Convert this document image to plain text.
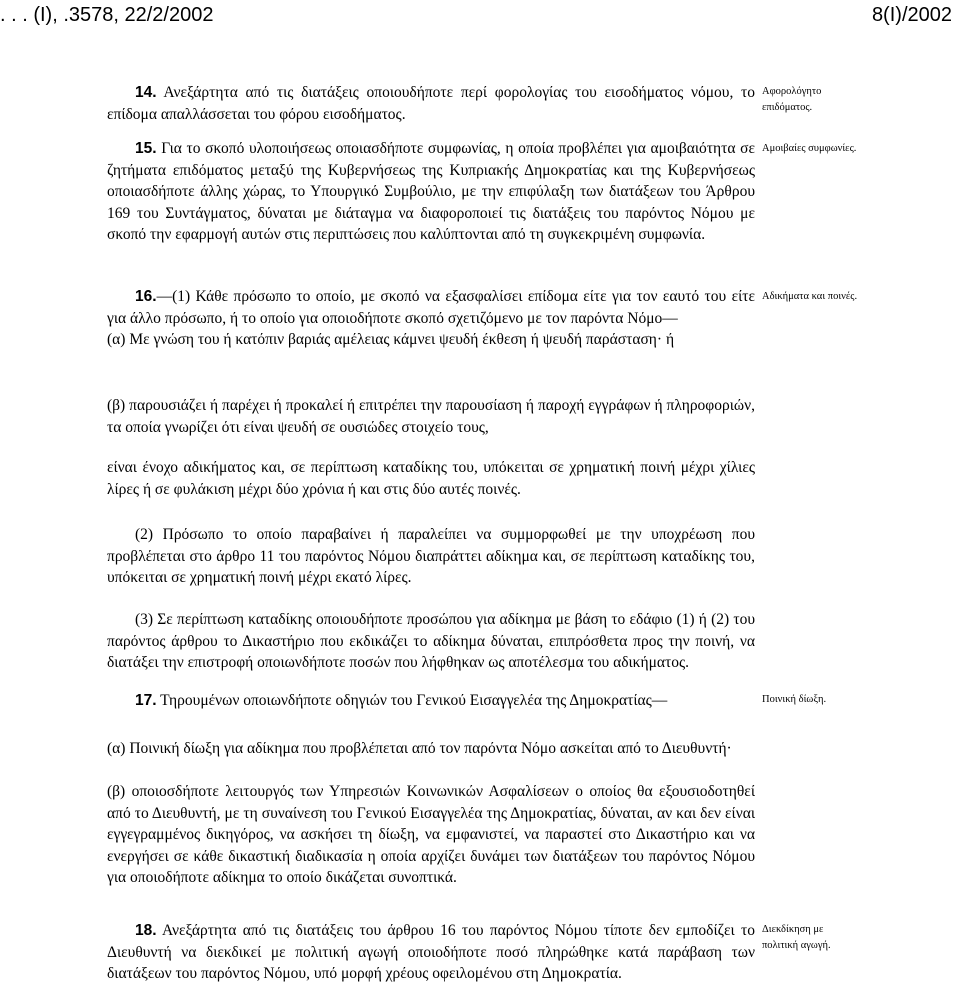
. . . (Ι), .3578, 22/2/2002	8(Ι)/2002

14. Ανεξάρτητα από τις διατάξεις οποιουδήποτε περί φορολογίας του εισοδήματος νόμου, το επίδομα απαλλάσσεται του φόρου εισοδήματος.

Αφορολόγητο επιδόματος.

15. Για το σκοπό υλοποιήσεως οποιασδήποτε συμφωνίας, η οποία προβλέπει για αμοιβαιότητα σε ζητήματα επιδόματος μεταξύ της Κυβερνήσεως της Κυπριακής Δημοκρατίας και της Κυβερνήσεως οποιασδήποτε άλλης χώρας, το Υπουργικό Συμβούλιο, με την επιφύλαξη των διατάξεων του Άρθρου 169 του Συντάγματος, δύναται με διάταγμα να διαφοροποιεί τις διατάξεις του παρόντος Νόμου με σκοπό την εφαρμογή αυτών στις περιπτώσεις που καλύπτονται από τη συγκεκριμένη συμφωνία.

Αμοιβαίες συμφωνίες.

16.—(1) Κάθε πρόσωπο το οποίο, με σκοπό να εξασφαλίσει επίδομα είτε για τον εαυτό του είτε για άλλο πρόσωπο, ή το οποίο για οποιοδήποτε σκοπό σχετιζόμενο με τον παρόντα Νόμο—

(α) Με γνώση του ή κατόπιν βαριάς αμέλειας κάμνει ψευδή έκθεση ή ψευδή παράσταση· ή

Αδικήματα και ποινές.

(β) παρουσιάζει ή παρέχει ή προκαλεί ή επιτρέπει την παρουσίαση ή παροχή εγγράφων ή πληροφοριών, τα οποία γνωρίζει ότι είναι ψευδή σε ουσιώδες στοιχείο τους,

είναι ένοχο αδικήματος και, σε περίπτωση καταδίκης του, υπόκειται σε χρηματική ποινή μέχρι χίλιες λίρες ή σε φυλάκιση μέχρι δύο χρόνια ή και στις δύο αυτές ποινές.

(2) Πρόσωπο το οποίο παραβαίνει ή παραλείπει να συμμορφωθεί με την υποχρέωση που προβλέπεται στο άρθρο 11 του παρόντος Νόμου διαπράττει αδίκημα και, σε περίπτωση καταδίκης του, υπόκειται σε χρηματική ποινή μέχρι εκατό λίρες.

(3) Σε περίπτωση καταδίκης οποιουδήποτε προσώπου για αδίκημα με βάση το εδάφιο (1) ή (2) του παρόντος άρθρου το Δικαστήριο που εκδικάζει το αδίκημα δύναται, επιπρόσθετα προς την ποινή, να διατάξει την επιστροφή οποιωνδήποτε ποσών που λήφθηκαν ως αποτέλεσμα του αδικήματος.

17. Τηρουμένων οποιωνδήποτε οδηγιών του Γενικού Εισαγγελέα της Δημοκρατίας—	Ποινική δίωξη.

(α) Ποινική δίωξη για αδίκημα που προβλέπεται από τον παρόντα Νόμο ασκείται από το Διευθυντή·

(β) οποιοσδήποτε λειτουργός των Υπηρεσιών Κοινωνικών Ασφαλίσεων ο οποίος θα εξουσιοδοτηθεί από το Διευθυντή, με τη συναίνεση του Γενικού Εισαγγελέα της Δημοκρατίας, δύναται, αν και δεν είναι εγγεγραμμένος δικηγόρος, να ασκήσει τη δίωξη, να εμφανιστεί, να παραστεί στο Δικαστήριο και να ενεργήσει σε κάθε δικαστική διαδικασία η οποία αρχίζει δυνάμει των διατάξεων του παρόντος Νόμου για οποιοδήποτε αδίκημα το οποίο δικάζεται συνοπτικά.

18. Ανεξάρτητα από τις διατάξεις του άρθρου 16 του παρόντος Νόμου τίποτε δεν εμποδίζει το Διευθυντή να διεκδικεί με πολιτική αγωγή οποιοδήποτε ποσό πληρώθηκε κατά παράβαση των διατάξεων του παρόντος Νόμου, υπό μορφή χρέους οφειλομένου στη Δημοκρατία.

Διεκδίκηση με πολιτική αγωγή.
